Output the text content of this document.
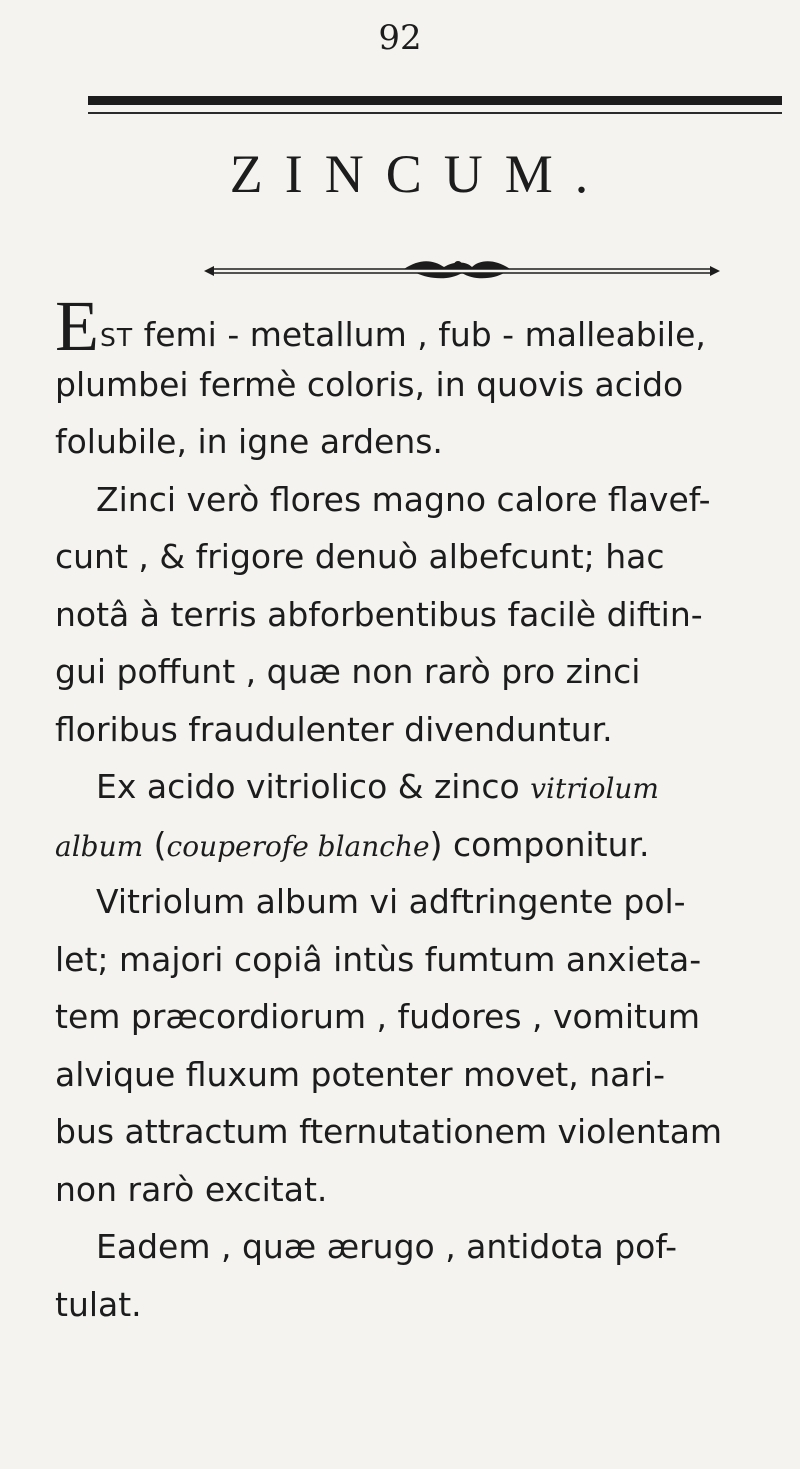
92
ZINCUM.
EST femi - metallum , fub - malleabile,
plumbei fermè coloris, in quovis acido
folubile, in igne ardens.
Zinci verò flores magno calore flavef-
cunt , & frigore denuò albefcunt; hac
notâ à terris abforbentibus facilè diftin-
gui poffunt , quæ non rarò pro zinci
floribus fraudulenter divenduntur.
Ex acido vitriolico & zinco vitriolum
album (couperofe blanche) componitur.
Vitriolum album vi adftringente pol-
let; majori copiâ intùs fumtum anxieta-
tem præcordiorum , fudores , vomitum
alvique fluxum potenter movet, nari-
bus attractum fternutationem violentam
non rarò excitat.
Eadem , quæ ærugo , antidota pof-
tulat.
